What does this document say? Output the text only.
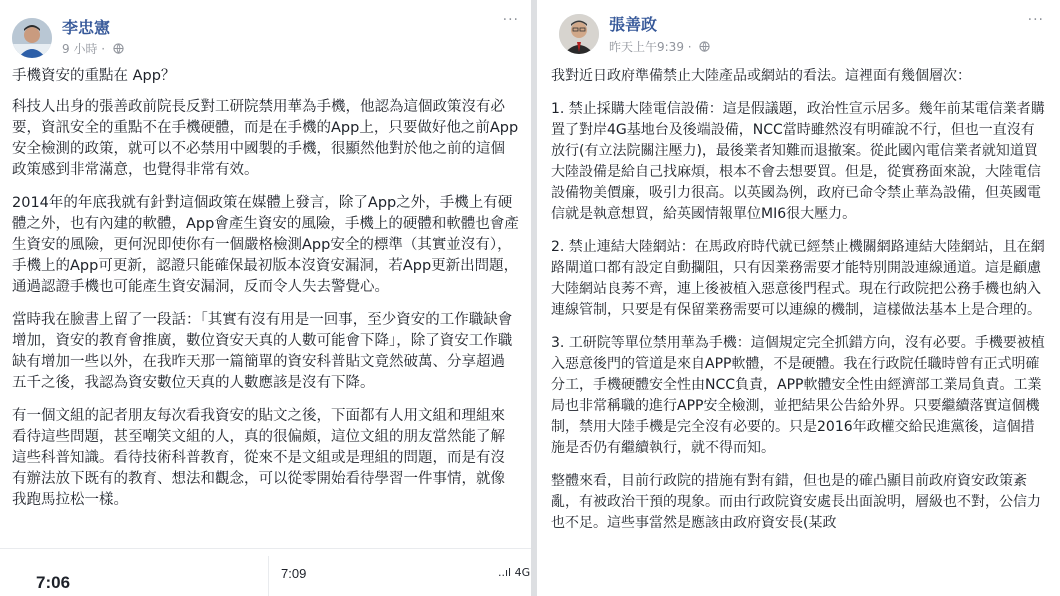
李忠憲
9 小時 ·
···

手機資安的重點在 App？

科技人出身的張善政前院長反對工研院禁用華為手機，他認為這個政策沒有必要，資訊安全的重點不在手機硬體，而是在手機的App上，只要做好他之前App安全檢測的政策，就可以不必禁用中國製的手機，很顯然他對於他之前的這個政策感到非常滿意，也覺得非常有效。

2014年的年底我就有針對這個政策在媒體上發言，除了App之外，手機上有硬體之外，也有內建的軟體，App會產生資安的風險，手機上的硬體和軟體也會產生資安的風險，更何況即使你有一個嚴格檢測App安全的標準（其實並沒有），手機上的App可更新，認證只能確保最初版本沒資安漏洞，若App更新出問題，通過認證手機也可能產生資安漏洞，反而令人失去警覺心。

當時我在臉書上留了一段話：「其實有沒有用是一回事，至少資安的工作職缺會增加，資安的教育會推廣，數位資安天真的人數可能會下降」，除了資安工作職缺有增加一些以外，在我昨天那一篇簡單的資安科普貼文竟然破萬、分享超過五千之後，我認為資安數位天真的人數應該是沒有下降。

有一個文組的記者朋友每次看我資安的貼文之後，下面都有人用文組和理組來看待這些問題，甚至嘲笑文組的人，真的很偏頗，這位文組的朋友當然能了解這些科普知識。看待技術科普教育，從來不是文組或是理組的問題，而是有沒有辦法放下既有的教育、想法和觀念，可以從零開始看待學習一件事情，就像我跑馬拉松一樣。

7:06	7:09	..ıl 4G
張善政
昨天上午9:39 ·
···

我對近日政府準備禁止大陸產品或網站的看法。這裡面有幾個層次：

1. 禁止採購大陸電信設備：這是假議題，政治性宣示居多。幾年前某電信業者購置了對岸4G基地台及後端設備，NCC當時雖然沒有明確說不行，但也一直沒有放行(有立法院關注壓力)，最後業者知難而退撤案。從此國內電信業者就知道買大陸設備是給自己找麻煩，根本不會去想要買。但是，從實務面來說，大陸電信設備物美價廉，吸引力很高。以英國為例，政府已命令禁止華為設備，但英國電信就是執意想買，給英國情報單位MI6很大壓力。

2. 禁止連結大陸網站：在馬政府時代就已經禁止機關網路連結大陸網站，且在網路閘道口都有設定自動攔阻，只有因業務需要才能特別開設連線通道。這是顧慮大陸網站良莠不齊，連上後被植入惡意後門程式。現在行政院把公務手機也納入連線管制，只要是有保留業務需要可以連線的機制，這樣做法基本上是合理的。

3. 工研院等單位禁用華為手機：這個規定完全抓錯方向，沒有必要。手機要被植入惡意後門的管道是來自APP軟體，不是硬體。我在行政院任職時曾有正式明確分工，手機硬體安全性由NCC負責，APP軟體安全性由經濟部工業局負責。工業局也非常稱職的進行APP安全檢測，並把結果公告給外界。只要繼續落實這個機制，禁用大陸手機是完全沒有必要的。只是2016年政權交給民進黨後，這個措施是否仍有繼續執行，就不得而知。

整體來看，目前行政院的措施有對有錯，但也是的確凸顯目前政府資安政策紊亂，有被政治干預的現象。而由行政院資安處長出面說明，層級也不對，公信力也不足。這些事當然是應該由政府資安長(某政
